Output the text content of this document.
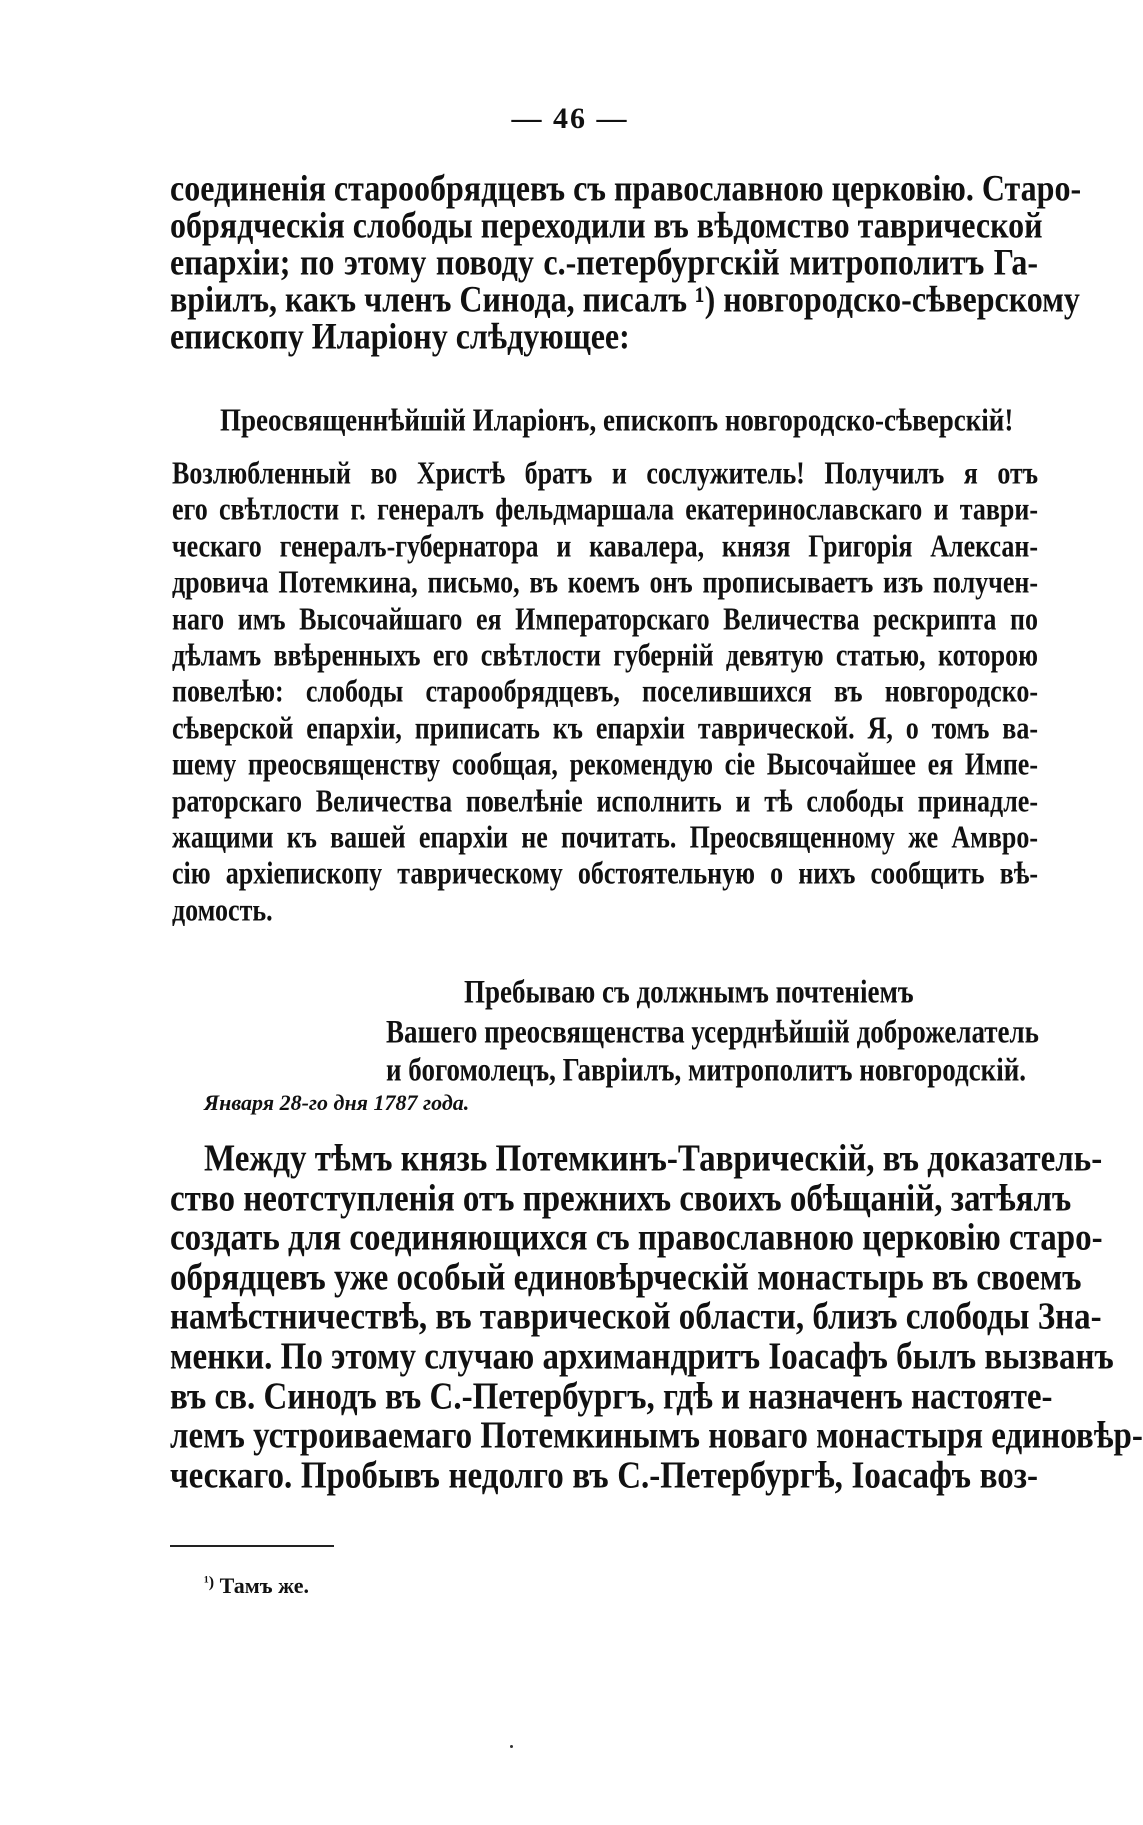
— 46 —
соединенія старообрядцевъ съ православною церковію. Старо-
обрядческія слободы переходили въ вѣдомство таврической
епархіи; по этому поводу с.-петербургскій митрополитъ Га-
вріилъ, какъ членъ Синода, писалъ ¹) новгородско-сѣверскому
епископу Иларіону слѣдующее:
Преосвященнѣйшій Иларіонъ, епископъ новгородско-сѣверскій!
Возлюбленный во Христѣ братъ и сослужитель! Получилъ я отъ
его свѣтлости г. генералъ фельдмаршала екатеринославскаго и таври-
ческаго генералъ-губернатора и кавалера, князя Григорія Алексан-
дровича Потемкина, письмо, въ коемъ онъ прописываетъ изъ получен-
наго имъ Высочайшаго ея Императорскаго Величества рескрипта по
дѣламъ ввѣренныхъ его свѣтлости губерній девятую статью, которою
повелѣю: слободы старообрядцевъ, поселившихся въ новгородско-
сѣверской епархіи, приписать къ епархіи таврической. Я, о томъ ва-
шему преосвященству сообщая, рекомендую сіе Высочайшее ея Импе-
раторскаго Величества повелѣніе исполнить и тѣ слободы принадле-
жащими къ вашей епархіи не почитать. Преосвященному же Амвро-
сію архіепископу таврическому обстоятельную о нихъ сообщить вѣ-
домость.
Пребываю съ должнымъ почтеніемъ
Вашего преосвященства усерднѣйшій доброжелатель
и богомолецъ, Гавріилъ, митрополитъ новгородскій.
Января 28-го дня 1787 года.
Между тѣмъ князь Потемкинъ-Таврическій, въ доказатель-
ство неотступленія отъ прежнихъ своихъ обѣщаній, затѣялъ
создать для соединяющихся съ православною церковію старо-
обрядцевъ уже особый единовѣрческій монастырь въ своемъ
намѣстничествѣ, въ таврической области, близъ слободы Зна-
менки. По этому случаю архимандритъ Іоасафъ былъ вызванъ
въ св. Синодъ въ С.-Петербургъ, гдѣ и назначенъ настояте-
лемъ устроиваемаго Потемкинымъ новаго монастыря единовѣр-
ческаго. Пробывъ недолго въ С.-Петербургѣ, Іоасафъ воз-
$^{^1)}$ Тамъ же.
